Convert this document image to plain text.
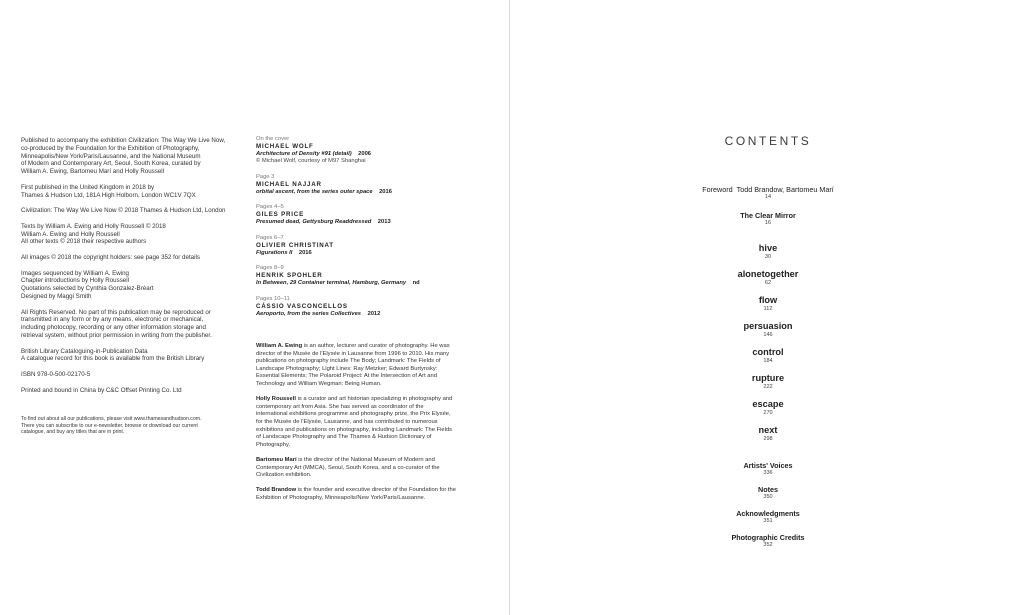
Published to accompany the exhibition Civilization: The Way We Live Now,
co-produced by the Foundation for the Exhibition of Photography,
Minneapolis/New York/Paris/Lausanne, and the National Museum
of Modern and Contemporary Art, Seoul, South Korea, curated by
William A. Ewing, Bartomeu Marí and Holly Roussell
First published in the United Kingdom in 2018 by
Thames & Hudson Ltd, 181A High Holborn, London WC1V 7QX
Civilization: The Way We Live Now © 2018 Thames & Hudson Ltd, London
Texts by William A. Ewing and Holly Roussell © 2018
William A. Ewing and Holly Roussell
All other texts © 2018 their respective authors
All images © 2018 the copyright holders: see page 352 for details
Images sequenced by William A. Ewing
Chapter introductions by Holly Roussell
Quotations selected by Cynthia Gonzalez-Bréart
Designed by Maggi Smith
All Rights Reserved. No part of this publication may be reproduced or
transmitted in any form or by any means, electronic or mechanical,
including photocopy, recording or any other information storage and
retrieval system, without prior permission in writing from the publisher.
British Library Cataloguing-in-Publication Data
A catalogue record for this book is available from the British Library
ISBN 978-0-500-02170-5
Printed and bound in China by C&C Offset Printing Co. Ltd
To find out about all our publications, please visit www.thamesandhudson.com.
There you can subscribe to our e-newsletter, browse or download our current
catalogue, and buy any titles that are in print.
On the cover
MICHAEL WOLF
Architecture of Density #91 (detail) 2006
© Michael Wolf, courtesy of M97 Shanghai
Page 3
MICHAEL NAJJAR
orbital ascent, from the series outer space 2016
Pages 4–5
GILES PRICE
Presumed dead, Gettysburg Readdressed 2013
Pages 6–7
OLIVIER CHRISTINAT
Figurations II 2016
Pages 8–9
HENRIK SPOHLER
In Between, 29 Container terminal, Hamburg, Germany nd
Pages 10–11
CÁSSIO VASCONCELLOS
Aeroporto, from the series Collectives 2012

William A. Ewing is an author, lecturer and curator of photography. He was director of the Musée de l'Elysée in Lausanne from 1996 to 2010. His many publications on photography include The Body; Landmark: The Fields of Landscape Photography; Light Lines: Ray Metzker; Edward Burtynsky: Essential Elements; The Polaroid Project: At the Intersection of Art and Technology and William Wegman: Being Human.

Holly Roussell is a curator and art historian specializing in photography and contemporary art from Asia. She has served as coordinator of the international exhibitions programme and photography prize, the Prix Elysée, for the Musée de l'Elysée, Lausanne, and has contributed to numerous exhibitions and publications on photography, including Landmark: The Fields of Landscape Photography and The Thames & Hudson Dictionary of Photography.

Bartomeu Marí is the director of the National Museum of Modern and Contemporary Art (MMCA), Seoul, South Korea, and a co-curator of the Civilization exhibition.

Todd Brandow is the founder and executive director of the Foundation for the Exhibition of Photography, Minneapolis/New York/Paris/Lausanne.

CONTENTS
Foreword Todd Brandow, Bartomeu Marí
14
The Clear Mirror
16
hive
30
alonetogether
62
flow
112
persuasion
146
control
184
rupture
222
escape
270
next
298
Artists' Voices
336
Notes
350
Acknowledgments
351
Photographic Credits
352
